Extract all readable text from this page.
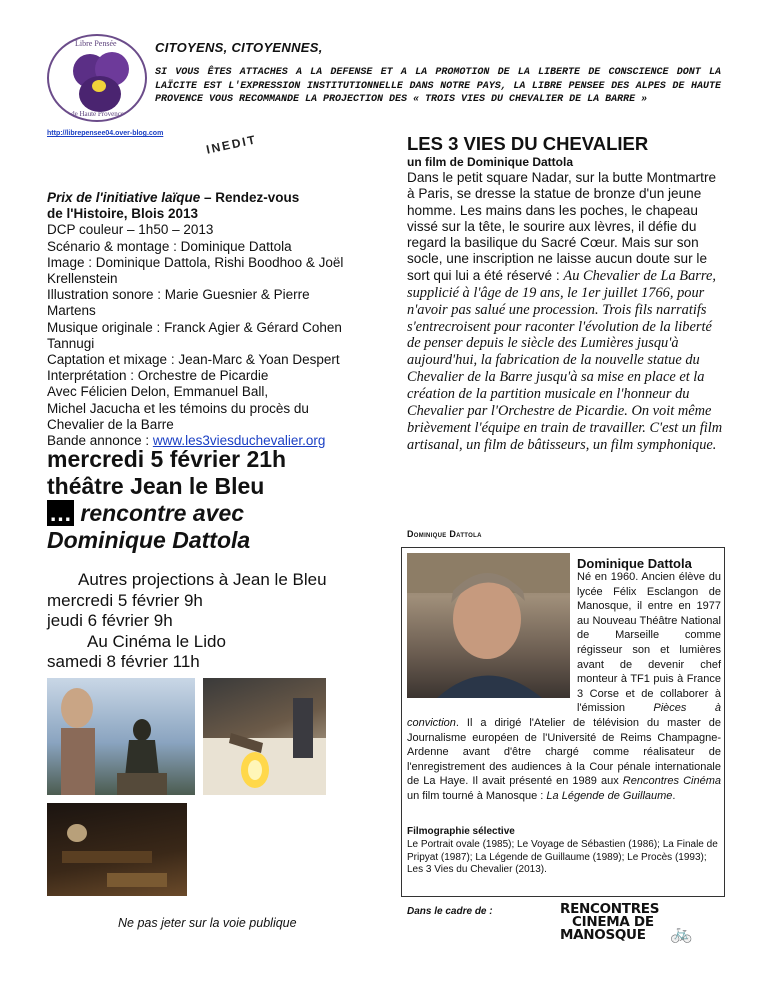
Libre Pensée
Alpes de Haute Provence
CITOYENS, CITOYENNES,
SI VOUS ÊTES ATTACHES A LA DEFENSE ET A LA PROMOTION DE LA LIBERTE DE CONSCIENCE DONT LA LAÏCITE EST L'EXPRESSION INSTITUTIONNELLE DANS NOTRE PAYS, LA LIBRE PENSEE DES ALPES DE HAUTE PROVENCE VOUS RECOMMANDE LA PROJECTION DES « TROIS VIES DU CHEVALIER DE LA BARRE »
http://librepensee04.over-blog.com	INEDIT
Prix de l'initiative laïque – Rendez-vous
de l'Histoire, Blois 2013
DCP couleur – 1h50 – 2013
Scénario & montage : Dominique Dattola
Image : Dominique Dattola, Rishi Boodhoo & Joël Krellenstein
Illustration sonore : Marie Guesnier & Pierre Martens
Musique originale : Franck Agier & Gérard Cohen Tannugi
Captation et mixage : Jean-Marc & Yoan Despert
Interprétation : Orchestre de Picardie
Avec Félicien Delon, Emmanuel Ball,
Michel Jacucha et les témoins du procès du Chevalier de la Barre
Bande annonce : www.les3viesduchevalier.org
mercredi 5 février 21h
théâtre Jean le Bleu
… rencontre avec
Dominique Dattola
Autres projections à Jean le Bleu
mercredi 5 février 9h
jeudi 6 février 9h
Au Cinéma le Lido
samedi 8 février 11h
Ne pas jeter sur la voie publique
LES 3 VIES DU CHEVALIER
un film de Dominique Dattola
Dans le petit square Nadar, sur la butte Montmartre à Paris, se dresse la statue de bronze d'un jeune homme. Les mains dans les poches, le chapeau vissé sur la tête, le sourire aux lèvres, il défie du regard la basilique du Sacré Cœur. Mais sur son socle, une inscription ne laisse aucun doute sur le sort qui lui a été réservé : Au Chevalier de La Barre, supplicié à l'âge de 19 ans, le 1er juillet 1766, pour n'avoir pas salué une procession. Trois fils narratifs s'entrecroisent pour raconter l'évolution de la liberté de penser depuis le siècle des Lumières jusqu'à aujourd'hui, la fabrication de la nouvelle statue du Chevalier de la Barre jusqu'à sa mise en place et la création de la partition musicale en l'honneur du Chevalier par l'Orchestre de Picardie. On voit même brièvement l'équipe en train de travailler. C'est un film artisanal, un film de bâtisseurs, un film symphonique.
Dominique Dattola
Dominique Dattola
Né en 1960. Ancien élève du lycée Félix Esclangon de Manosque, il entre en 1977 au Nouveau Théâtre National de Marseille comme régisseur son et lumières avant de devenir chef monteur à TF1 puis à France 3 Corse et de collaborer à l'émission Pièces à conviction. Il a dirigé l'Atelier de télévision du master de Journalisme européen de l'Université de Reims Champagne-Ardenne avant d'être chargé comme réalisateur de l'enregistrement des audiences à la Cour pénale internationale de La Haye. Il avait présenté en 1989 aux Rencontres Cinéma un film tourné à Manosque : La Légende de Guillaume.
Filmographie sélective
Le Portrait ovale (1985); Le Voyage de Sébastien (1986); La Finale de Pripyat (1987); La Légende de Guillaume (1989); Le Procès (1993); Les 3 Vies du Chevalier (2013).
Dans le cadre de :	RENCONTRES
CINEMA DE
MANOSQUE	🚲
